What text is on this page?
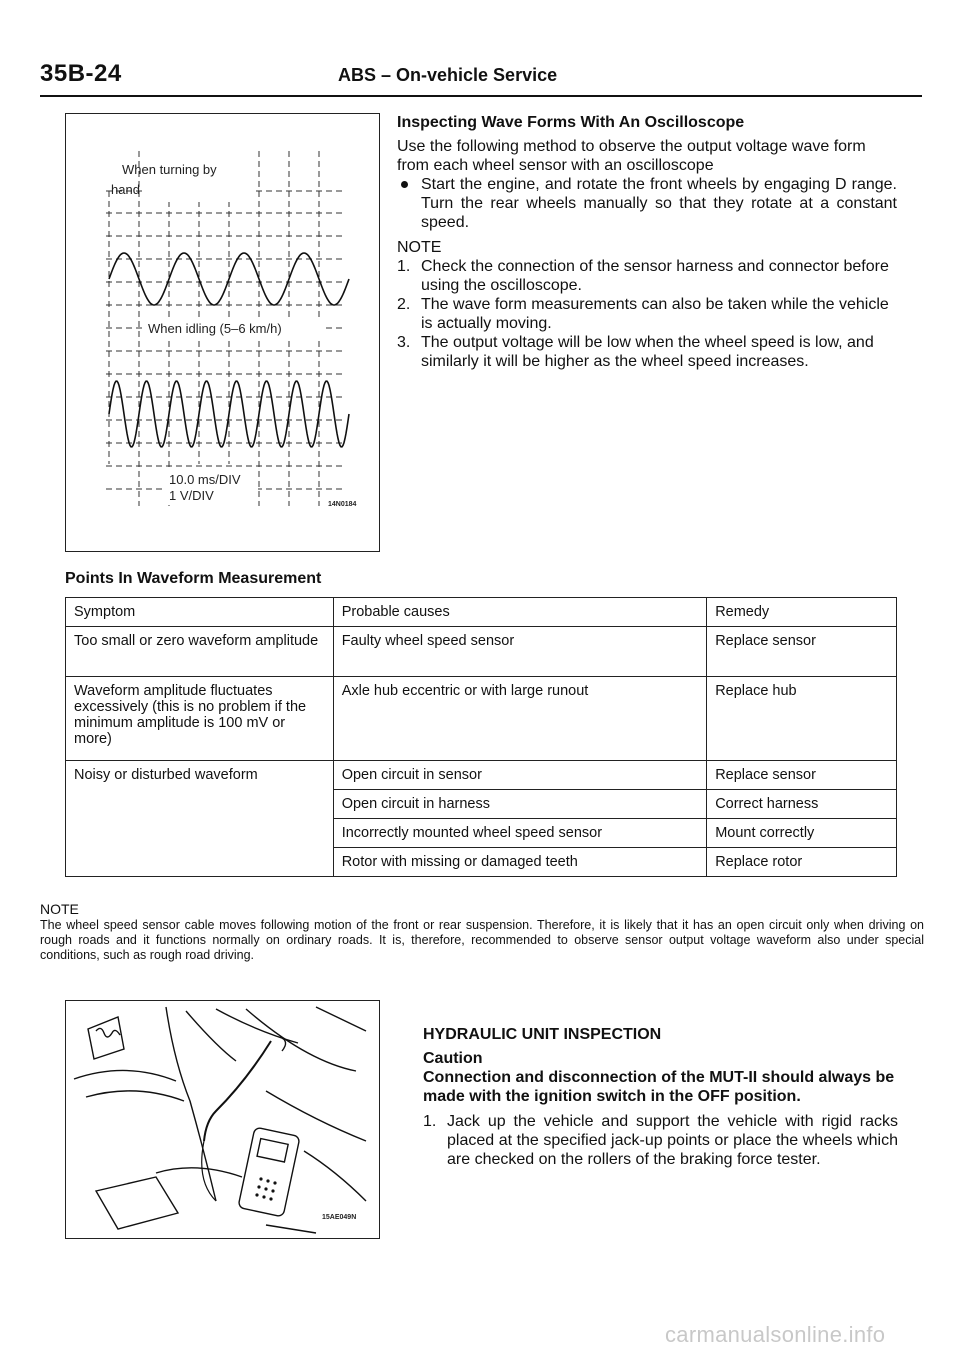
35B-24	ABS – On-vehicle Service
When turning by
hand
When idling (5–6 km/h)
10.0 ms/DIV
1 V/DIV
14N0184
Inspecting Wave Forms With An Oscilloscope
Use the following method to observe the output voltage wave form from each wheel sensor with an oscilloscope
Start the engine, and rotate the front wheels by engaging D range. Turn the rear wheels manually so that they rotate at a constant speed.
NOTE
1. Check the connection of the sensor harness and connector before using the oscilloscope.
2. The wave form measurements can also be taken while the vehicle is actually moving.
3. The output voltage will be low when the wheel speed is low, and similarly it will be higher as the wheel speed increases.
Points In Waveform Measurement
Symptom	Probable causes	Remedy
Too small or zero waveform amplitude	Faulty wheel speed sensor	Replace sensor
Waveform amplitude fluctuates excessively (this is no problem if the minimum amplitude is 100 mV or more)	Axle hub eccentric or with large runout	Replace hub
Noisy or disturbed waveform	Open circuit in sensor	Replace sensor
	Open circuit in harness	Correct harness
	Incorrectly mounted wheel speed sensor	Mount correctly
	Rotor with missing or damaged teeth	Replace rotor
NOTE
The wheel speed sensor cable moves following motion of the front or rear suspension. Therefore, it is likely that it has an open circuit only when driving on rough roads and it functions normally on ordinary roads. It is, therefore, recommended to observe sensor output voltage waveform also under special conditions, such as rough road driving.
15AE049N
HYDRAULIC UNIT INSPECTION
Caution
Connection and disconnection of the MUT-II should always be made with the ignition switch in the OFF position.
1. Jack up the vehicle and support the vehicle with rigid racks placed at the specified jack-up points or place the wheels which are checked on the rollers of the braking force tester.
carmanualsonline.info
